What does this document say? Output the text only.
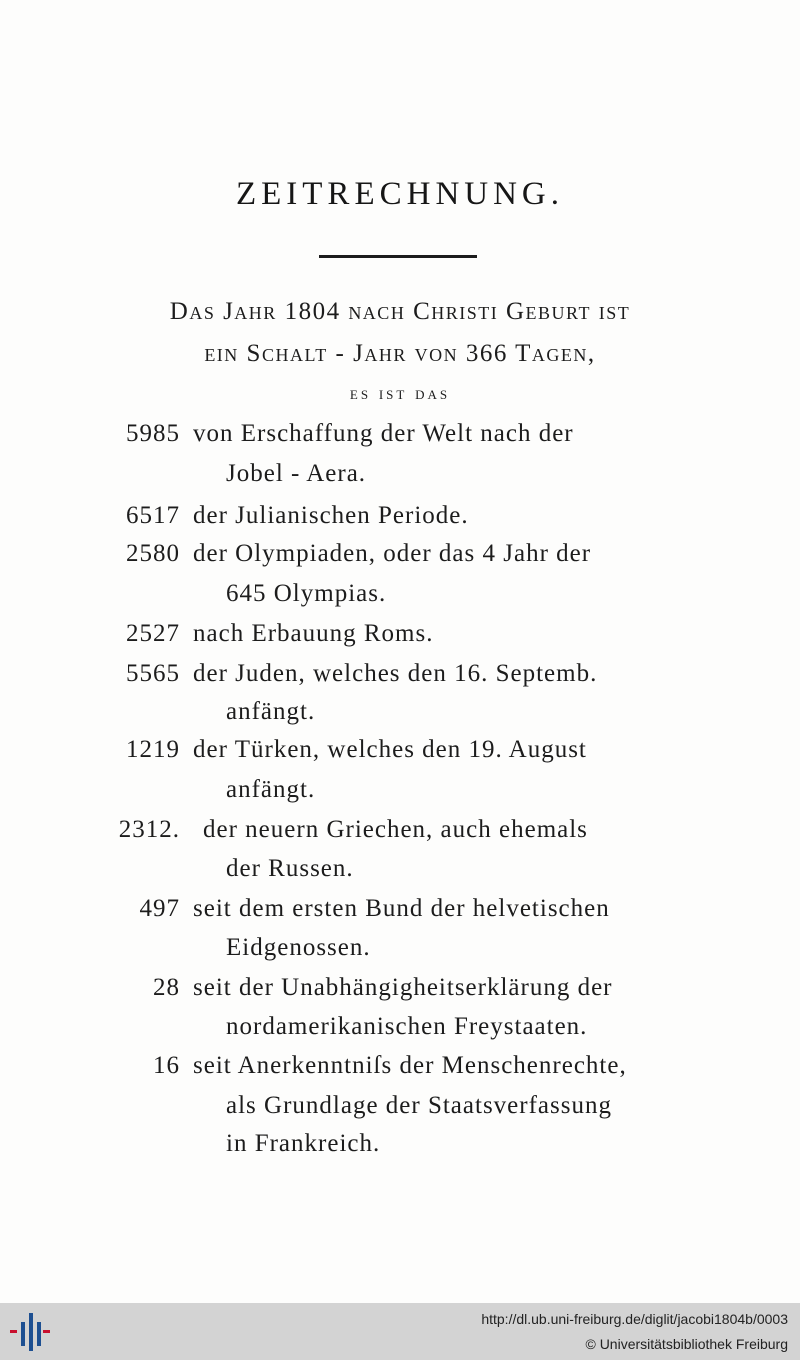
ZEITRECHNUNG.
Das Jahr 1804 nach Christi Geburt ist
ein Schalt - Jahr von 366 Tagen,
es ist das
5985 von Erschaffung der Welt nach der
Jobel - Aera.
6517 der Julianischen Periode.
2580 der Olympiaden, oder das 4 Jahr der
645 Olympias.
2527 nach Erbauung Roms.
5565 der Juden, welches den 16. Septemb.
anfängt.
1219 der Türken, welches den 19. August
anfängt.
2312. der neuern Griechen, auch ehemals
der Russen.
497 seit dem ersten Bund der helvetischen
Eidgenossen.
28 seit der Unabhängigheitserklärung der
nordamerikanischen Freystaaten.
16 seit Anerkenntniſs der Menschenrechte,
als Grundlage der Staatsverfassung
in Frankreich.
http://dl.ub.uni-freiburg.de/diglit/jacobi1804b/0003
© Universitätsbibliothek Freiburg
